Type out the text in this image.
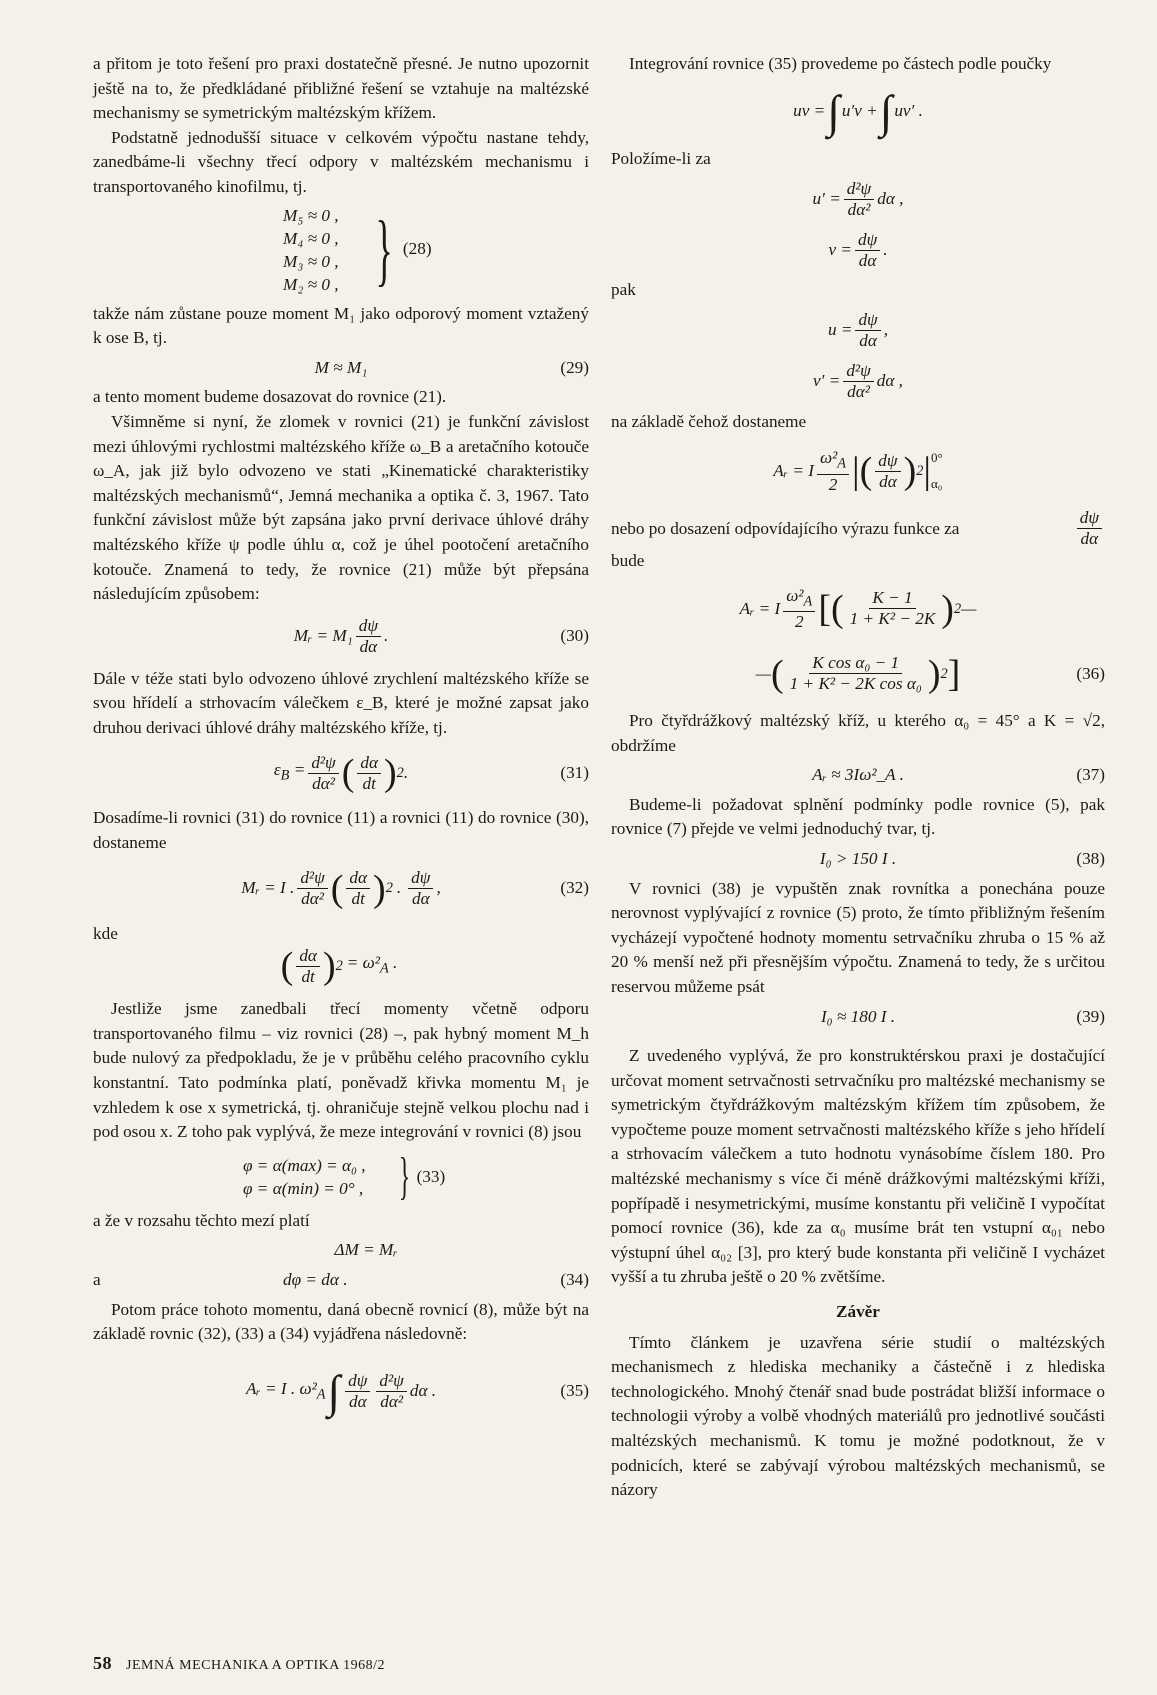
a přitom je toto řešení pro praxi dostatečně přesné. Je nutno upozornit ještě na to, že předkládané přibližné řešení se vztahuje na maltézské mechanismy se symetrickým maltézským křížem.

Podstatně jednodušší situace v celkovém výpočtu nastane tehdy, zanedbáme-li všechny třecí odpory v maltézském mechanismu i transportovaného kinofilmu, tj.

M₅ ≈ 0 ,
M₄ ≈ 0 ,
M₃ ≈ 0 ,
M₂ ≈ 0 , } (28)

takže nám zůstane pouze moment M₁ jako odporový moment vztažený k ose B, tj.

M ≈ M₁	(29)

a tento moment budeme dosazovat do rovnice (21).

Všimněme si nyní, že zlomek v rovnici (21) je funkční závislost mezi úhlovými rychlostmi maltézského kříže ω_B a aretačního kotouče ω_A, jak již bylo odvozeno ve stati „Kinematické charakteristiky maltézských mechanismů“, Jemná mechanika a optika č. 3, 1967. Tato funkční závislost může být zapsána jako první derivace úhlové dráhy maltézského kříže ψ podle úhlu α, což je úhel pootočení aretačního kotouče. Znamená to tedy, že rovnice (21) může být přepsána následujícím způsobem:

Mᵣ = $M_1 \frac{d\psi}{d\alpha}$ .	(30)

Dále v téže stati bylo odvozeno úhlové zrychlení maltézského kříže se svou hřídelí a strhovacím válečkem ε_B, které je možné zapsat jako druhou derivaci úhlové dráhy maltézského kříže, tj.

$\varepsilon_B = \frac{\text{d²ψ}}{\text{dα²}}$ ( $\frac{d\alpha}{dt}$ ) 2 .	(31)

Dosadíme-li rovnici (31) do rovnice (11) a rovnici (11) do rovnice (30), dostaneme

Mᵣ = I . $\frac{\text{d²ψ}}{\text{dα²}}$ ( $\frac{d\alpha}{dt}$ ) 2 . $\frac{d\psi}{d\alpha}$ ,	(32)

kde

( $\frac{d\alpha}{dt}$ ) $2 = \omega^2_A$ .

Jestliže jsme zanedbali třecí momenty včetně odporu transportovaného filmu – viz rovnici (28) –, pak hybný moment M_h bude nulový za předpokladu, že je v průběhu celého pracovního cyklu konstantní. Tato podmínka platí, poněvadž křivka momentu M₁ je vzhledem k ose x symetrická, tj. ohraničuje stejně velkou plochu nad i pod osou x. Z toho pak vyplývá, že meze integrování v rovnici (8) jsou

φ = α(max) = α₀ ,
φ = α(min) = 0° , } (33)

a že v rozsahu těchto mezí platí

ΔM = Mᵣ
a	dφ = dα .	(34)

Potom práce tohoto momentu, daná obecně rovnicí (8), může být na základě rovnic (32), (33) a (34) vyjádřena následovně:

Aᵣ = I . $\omega^2_A$ ∫ $\frac{d\psi}{d\alpha} \frac{\text{d²ψ}}{\text{dα²}}$ dα .	(35)

Integrování rovnice (35) provedeme po částech podle poučky

uv = ∫ u′v + ∫ uv′ .

Položíme-li za

$u' = \frac{\text{d²ψ}}{\text{dα²}}$ dα ,
$v = \frac{d\psi}{d\alpha}$ .

pak

$u = \frac{d\psi}{d\alpha}$ ,
$v' = \frac{\text{d²ψ}}{\text{dα²}}$ dα ,

na základě čehož dostaneme

Aᵣ = I $\frac{\omega^2_A}{2}$ | ( $\frac{d\psi}{d\alpha}$ ) 2 | 0°
α₀

nebo po dosazení odpovídajícího výrazu funkce za	$\frac{d\psi}{d\alpha}$

bude

Aᵣ = I $\frac{\omega^2_A}{2}$ [ ( $\frac{K - 1}{\text{1 + K² − 2K}}$ ) 2 —
— ( $\frac{\text{K cos α₀ − 1}}{\text{1 + K² − 2K cos α₀}}$ ) 2 ]	(36)

Pro čtyřdrážkový maltézský kříž, u kterého α₀ = 45° a K = √2, obdržíme

Aᵣ ≈ 3Iω²_A .	(37)

Budeme-li požadovat splnění podmínky podle rovnice (5), pak rovnice (7) přejde ve velmi jednoduchý tvar, tj.

I₀ > 150 I .	(38)

V rovnici (38) je vypuštěn znak rovnítka a ponechána pouze nerovnost vyplývající z rovnice (5) proto, že tímto přibližným řešením vycházejí vypočtené hodnoty momentu setrvačníku zhruba o 15 % až 20 % menší než při přesnějším výpočtu. Znamená to tedy, že s určitou reservou můžeme psát

I₀ ≈ 180 I .	(39)

Z uvedeného vyplývá, že pro konstruktérskou praxi je dostačující určovat moment setrvačnosti setrvačníku pro maltézské mechanismy se symetrickým čtyřdrážkovým maltézským křížem tím způsobem, že vypočteme pouze moment setrvačnosti maltézského kříže s jeho hřídelí a strhovacím válečkem a tuto hodnotu vynásobíme číslem 180. Pro maltézské mechanismy s více či méně drážkovými maltézskými kříži, popřípadě i nesymetrickými, musíme konstantu při veličině I vypočítat pomocí rovnice (36), kde za α₀ musíme brát ten vstupní α₀₁ nebo výstupní úhel α₀₂ [3], pro který bude konstanta při veličině I vycházet vyšší a tu zhruba ještě o 20 % zvětšíme.

Závěr

Tímto článkem je uzavřena série studií o maltézských mechanismech z hlediska mechaniky a částečně i z hlediska technologického. Mnohý čtenář snad bude postrádat bližší informace o technologii výroby a volbě vhodných materiálů pro jednotlivé součásti maltézských mechanismů. K tomu je možné podotknout, že v podnicích, které se zabývají výrobou maltézských mechanismů, se názory

58 JEMNÁ MECHANIKA A OPTIKA 1968/2
